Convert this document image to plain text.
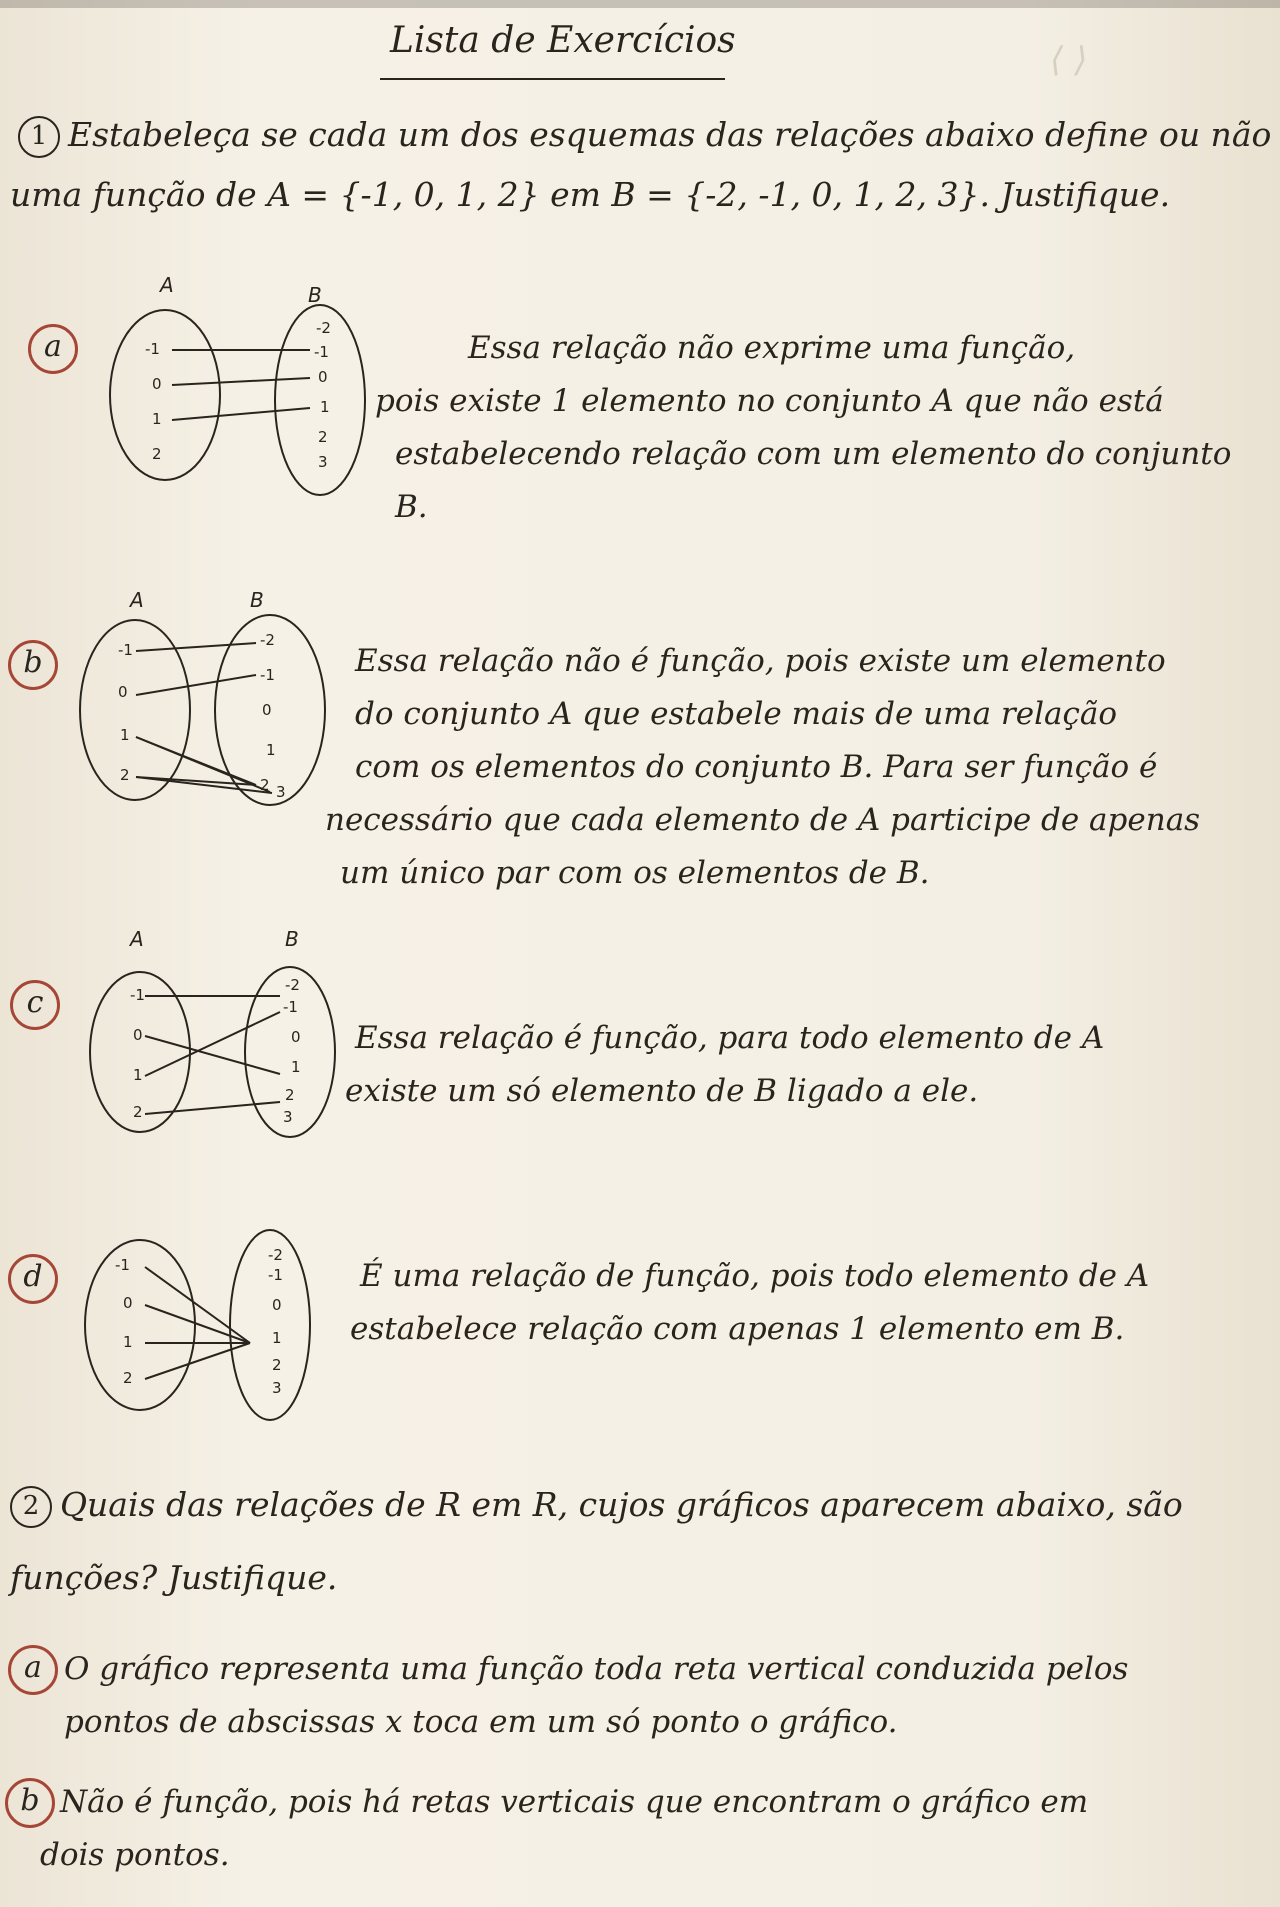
⟨ ⟩
Lista de Exercícios
1 Estabeleça se cada um dos esquemas das relações abaixo define ou não
uma função de A = {-1, 0, 1, 2} em B = {-2, -1, 0, 1, 2, 3}. Justifique.
a
A	B
-1
0
1
2
-2
-1
0
1
2
3
Essa relação não exprime uma função,
pois existe 1 elemento no conjunto A que não está
estabelecendo relação com um elemento do conjunto
B.
b
A	B
-1
0
1
2
-2
-1
0
1
2 3
Essa relação não é função, pois existe um elemento
do conjunto A que estabele mais de uma relação
com os elementos do conjunto B. Para ser função é
necessário que cada elemento de A participe de apenas
um único par com os elementos de B.
c
A	B
-1
0
1
2
-2
-1
0
1
2
3
Essa relação é função, para todo elemento de A
existe um só elemento de B ligado a ele.
d	-1
0
1
2
-2
-1
0
1
2
3
É uma relação de função, pois todo elemento de A
estabelece relação com apenas 1 elemento em B.
2 Quais das relações de R em R, cujos gráficos aparecem abaixo, são
funções? Justifique.
a O gráfico representa uma função toda reta vertical conduzida pelos
pontos de abscissas x toca em um só ponto o gráfico.
b Não é função, pois há retas verticais que encontram o gráfico em
dois pontos.
